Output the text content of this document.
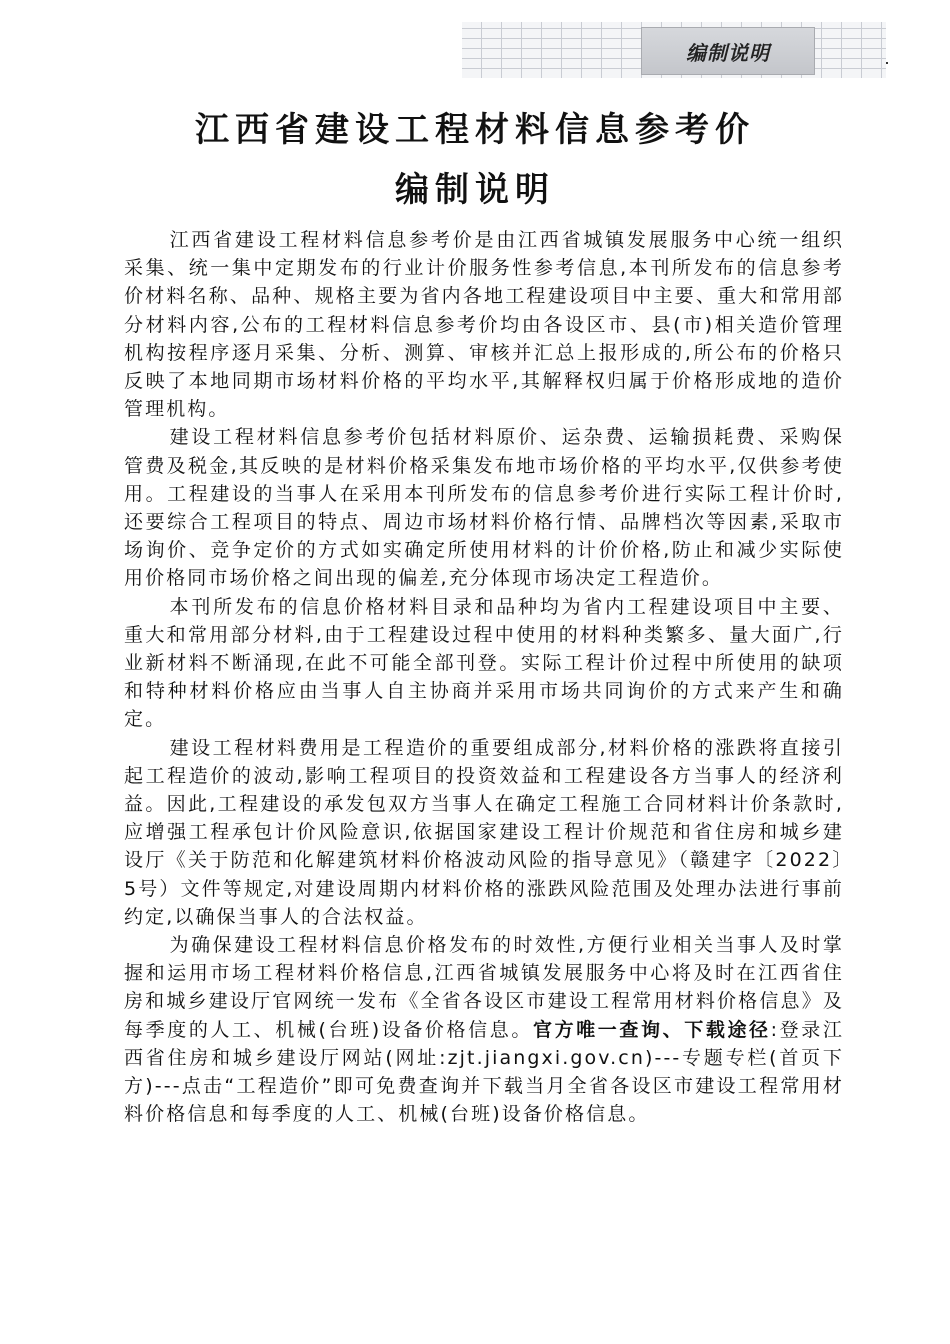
编制说明
江西省建设工程材料信息参考价
编制说明

江西省建设工程材料信息参考价是由江西省城镇发展服务中心统一组织采集、统一集中定期发布的行业计价服务性参考信息,本刊所发布的信息参考价材料名称、品种、规格主要为省内各地工程建设项目中主要、重大和常用部分材料内容,公布的工程材料信息参考价均由各设区市、县(市)相关造价管理机构按程序逐月采集、分析、测算、审核并汇总上报形成的,所公布的价格只反映了本地同期市场材料价格的平均水平,其解释权归属于价格形成地的造价管理机构。

建设工程材料信息参考价包括材料原价、运杂费、运输损耗费、采购保管费及税金,其反映的是材料价格采集发布地市场价格的平均水平,仅供参考使用。工程建设的当事人在采用本刊所发布的信息参考价进行实际工程计价时,还要综合工程项目的特点、周边市场材料价格行情、品牌档次等因素,采取市场询价、竞争定价的方式如实确定所使用材料的计价价格,防止和减少实际使用价格同市场价格之间出现的偏差,充分体现市场决定工程造价。

本刊所发布的信息价格材料目录和品种均为省内工程建设项目中主要、重大和常用部分材料,由于工程建设过程中使用的材料种类繁多、量大面广,行业新材料不断涌现,在此不可能全部刊登。实际工程计价过程中所使用的缺项和特种材料价格应由当事人自主协商并采用市场共同询价的方式来产生和确定。

建设工程材料费用是工程造价的重要组成部分,材料价格的涨跌将直接引起工程造价的波动,影响工程项目的投资效益和工程建设各方当事人的经济利益。因此,工程建设的承发包双方当事人在确定工程施工合同材料计价条款时,应增强工程承包计价风险意识,依据国家建设工程计价规范和省住房和城乡建设厅《关于防范和化解建筑材料价格波动风险的指导意见》（赣建字〔2022〕5号）文件等规定,对建设周期内材料价格的涨跌风险范围及处理办法进行事前约定,以确保当事人的合法权益。

为确保建设工程材料信息价格发布的时效性,方便行业相关当事人及时掌握和运用市场工程材料价格信息,江西省城镇发展服务中心将及时在江西省住房和城乡建设厅官网统一发布《全省各设区市建设工程常用材料价格信息》及每季度的人工、机械(台班)设备价格信息。官方唯一查询、下载途径:登录江西省住房和城乡建设厅网站(网址:zjt.jiangxi.gov.cn)---专题专栏(首页下方)---点击“工程造价”即可免费查询并下载当月全省各设区市建设工程常用材料价格信息和每季度的人工、机械(台班)设备价格信息。
